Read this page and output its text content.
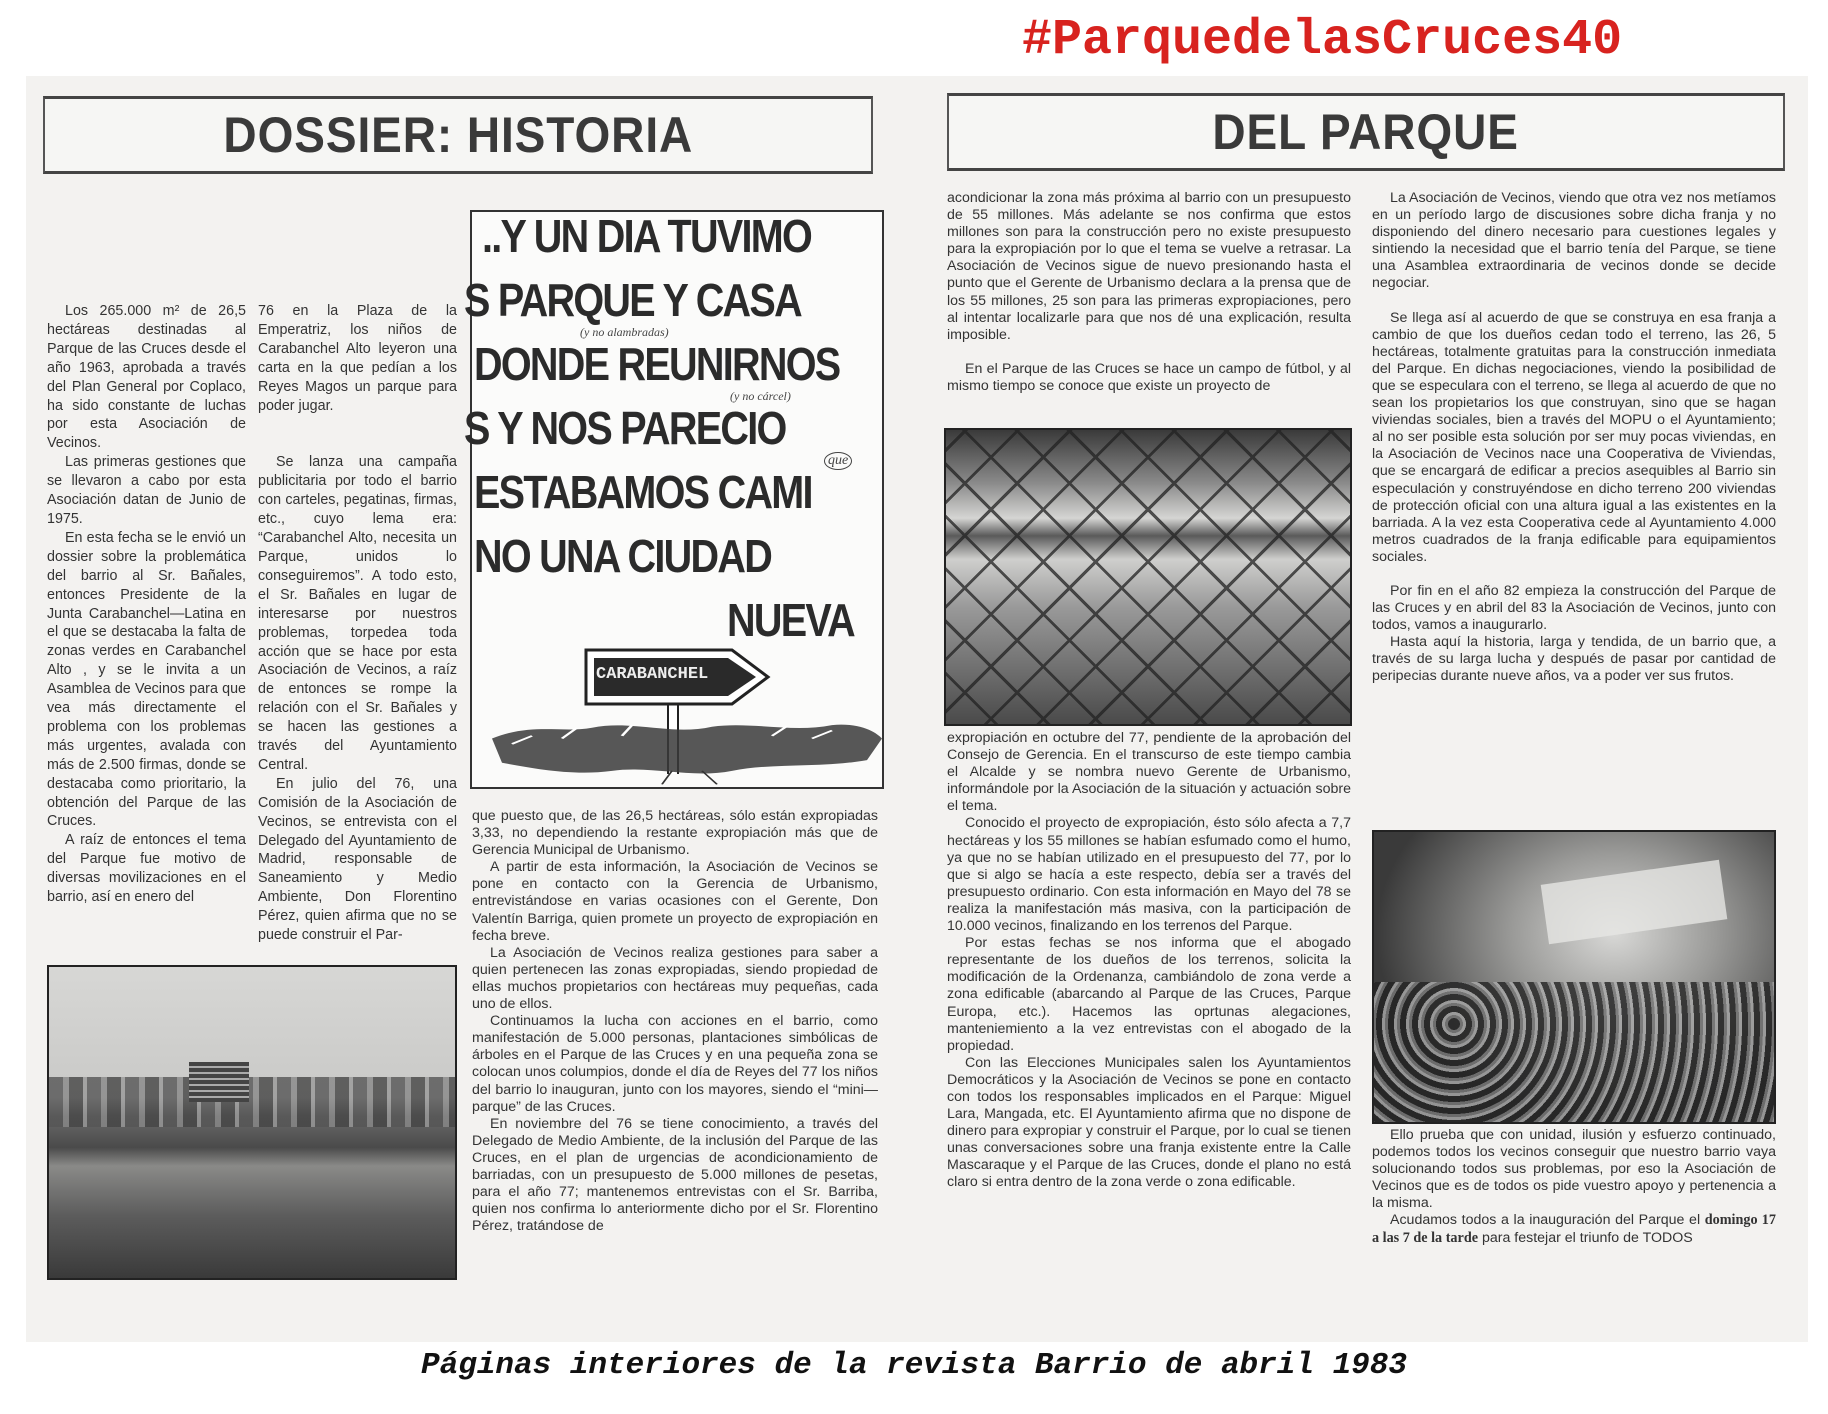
#ParquedelasCruces40
DOSSIER: HISTORIA

Los 265.000 m² de 26,5 hectáreas destinadas al Parque de las Cruces desde el año 1963, aprobada a través del Plan General por Coplaco, ha sido constante de luchas por esta Asociación de Vecinos.

Las primeras gestiones que se llevaron a cabo por esta Asociación datan de Junio de 1975.

En esta fecha se le envió un dossier sobre la problemática del barrio al Sr. Bañales, entonces Presidente de la Junta Carabanchel—Latina en el que se destacaba la falta de zonas verdes en Carabanchel Alto , y se le invita a un Asamblea de Vecinos para que vea más directamente el problema con los problemas más urgentes, avalada con más de 2.500 firmas, donde se destacaba como prioritario, la obtención del Parque de las Cruces.

A raíz de entonces el tema del Parque fue motivo de diversas movilizaciones en el barrio, así en enero del

76 en la Plaza de la Emperatriz, los niños de Carabanchel Alto leyeron una carta en la que pedían a los Reyes Magos un parque para poder jugar.

Se lanza una campaña publicitaria por todo el barrio con carteles, pegatinas, firmas, etc., cuyo lema era: “Carabanchel Alto, necesita un Parque, unidos lo conseguiremos”. A todo esto, el Sr. Bañales en lugar de interesarse por nuestros problemas, torpedea toda acción que se hace por esta Asociación de Vecinos, a raíz de entonces se rompe la relación con el Sr. Bañales y se hacen las gestiones a través del Ayuntamiento Central.

En julio del 76, una Comisión de la Asociación de Vecinos, se entrevista con el Delegado del Ayuntamiento de Madrid, responsable de Saneamiento y Medio Ambiente, Don Florentino Pérez, quien afirma que no se puede construir el Par-

..Y UN DIA TUVIMO
S PARQUE Y CASA
DONDE REUNIRNOS
S Y NOS PARECIO
ESTABAMOS CAMI
NO UNA CIUDAD
NUEVA
(y no alambradas)
(y no cárcel)
que
CARABANCHEL

que puesto que, de las 26,5 hectáreas, sólo están expropiadas 3,33, no dependiendo la restante expropiación más que de Gerencia Municipal de Urbanismo.

A partir de esta información, la Asociación de Vecinos se pone en contacto con la Gerencia de Urbanismo, entrevistándose en varias ocasiones con el Gerente, Don Valentín Barriga, quien promete un proyecto de expropiación en fecha breve.

La Asociación de Vecinos realiza gestiones para saber a quien pertenecen las zonas expropiadas, siendo propiedad de ellas muchos propietarios con hectáreas muy pequeñas, cada uno de ellos.

Continuamos la lucha con acciones en el barrio, como manifestación de 5.000 personas, plantaciones simbólicas de árboles en el Parque de las Cruces y en una pequeña zona se colocan unos columpios, donde el día de Reyes del 77 los niños del barrio lo inauguran, junto con los mayores, siendo el “mini—parque” de las Cruces.

En noviembre del 76 se tiene conocimiento, a través del Delegado de Medio Ambiente, de la inclusión del Parque de las Cruces, en el plan de urgencias de acondicionamiento de barriadas, con un presupuesto de 5.000 millones de pesetas, para el año 77; mantenemos entrevistas con el Sr. Barriba, quien nos confirma lo anteriormente dicho por el Sr. Florentino Pérez, tratándose de

DEL PARQUE

acondicionar la zona más próxima al barrio con un presupuesto de 55 millones. Más adelante se nos confirma que estos millones son para la construcción pero no existe presupuesto para la expropiación por lo que el tema se vuelve a retrasar. La Asociación de Vecinos sigue de nuevo presionando hasta el punto que el Gerente de Urbanismo declara a la prensa que de los 55 millones, 25 son para las primeras expropiaciones, pero al intentar localizarle para que nos dé una explicación, resulta imposible.

En el Parque de las Cruces se hace un campo de fútbol, y al mismo tiempo se conoce que existe un proyecto de

expropiación en octubre del 77, pendiente de la aprobación del Consejo de Gerencia. En el transcurso de este tiempo cambia el Alcalde y se nombra nuevo Gerente de Urbanismo, informándole por la Asociación de la situación y actuación sobre el tema.

Conocido el proyecto de expropiación, ésto sólo afecta a 7,7 hectáreas y los 55 millones se habían esfumado como el humo, ya que no se habían utilizado en el presupuesto del 77, por lo que si algo se hacía a este respecto, debía ser a través del presupuesto ordinario. Con esta información en Mayo del 78 se realiza la manifestación más masiva, con la participación de 10.000 vecinos, finalizando en los terrenos del Parque.

Por estas fechas se nos informa que el abogado representante de los dueños de los terrenos, solicita la modificación de la Ordenanza, cambiándolo de zona verde a zona edificable (abarcando al Parque de las Cruces, Parque Europa, etc.). Hacemos las oprtunas alegaciones, manteniemiento a la vez entrevistas con el abogado de la propiedad.

Con las Elecciones Municipales salen los Ayuntamientos Democráticos y la Asociación de Vecinos se pone en contacto con todos los responsables implicados en el Parque: Miguel Lara, Mangada, etc. El Ayuntamiento afirma que no dispone de dinero para expropiar y construir el Parque, por lo cual se tienen unas conversaciones sobre una franja existente entre la Calle Mascaraque y el Parque de las Cruces, donde el plano no está claro si entra dentro de la zona verde o zona edificable.

La Asociación de Vecinos, viendo que otra vez nos metíamos en un período largo de discusiones sobre dicha franja y no disponiendo del dinero necesario para cuestiones legales y sintiendo la necesidad que el barrio tenía del Parque, se tiene una Asamblea extraordinaria de vecinos donde se decide negociar.

Se llega así al acuerdo de que se construya en esa franja a cambio de que los dueños cedan todo el terreno, las 26, 5 hectáreas, totalmente gratuitas para la construcción inmediata del Parque. En dichas negociaciones, viendo la posibilidad de que se especulara con el terreno, se llega al acuerdo de que no sean los propietarios los que construyan, sino que se hagan viviendas sociales, bien a través del MOPU o el Ayuntamiento; al no ser posible esta solución por ser muy pocas viviendas, en la Asociación de Vecinos nace una Cooperativa de Viviendas, que se encargará de edificar a precios asequibles al Barrio sin especulación y construyéndose en dicho terreno 200 viviendas de protección oficial con una altura igual a las existentes en la barriada. A la vez esta Cooperativa cede al Ayuntamiento 4.000 metros cuadrados de la franja edificable para equipamientos sociales.

Por fin en el año 82 empieza la construcción del Parque de las Cruces y en abril del 83 la Asociación de Vecinos, junto con todos, vamos a inaugurarlo.

Hasta aquí la historia, larga y tendida, de un barrio que, a través de su larga lucha y después de pasar por cantidad de peripecias durante nueve años, va a poder ver sus frutos.

Ello prueba que con unidad, ilusión y esfuerzo continuado, podemos todos los vecinos conseguir que nuestro barrio vaya solucionando todos sus problemas, por eso la Asociación de Vecinos que es de todos os pide vuestro apoyo y pertenencia a la misma.

Acudamos todos a la inauguración del Parque el domingo 17 a las 7 de la tarde para festejar el triunfo de TODOS

Páginas interiores de la revista Barrio de abril 1983
